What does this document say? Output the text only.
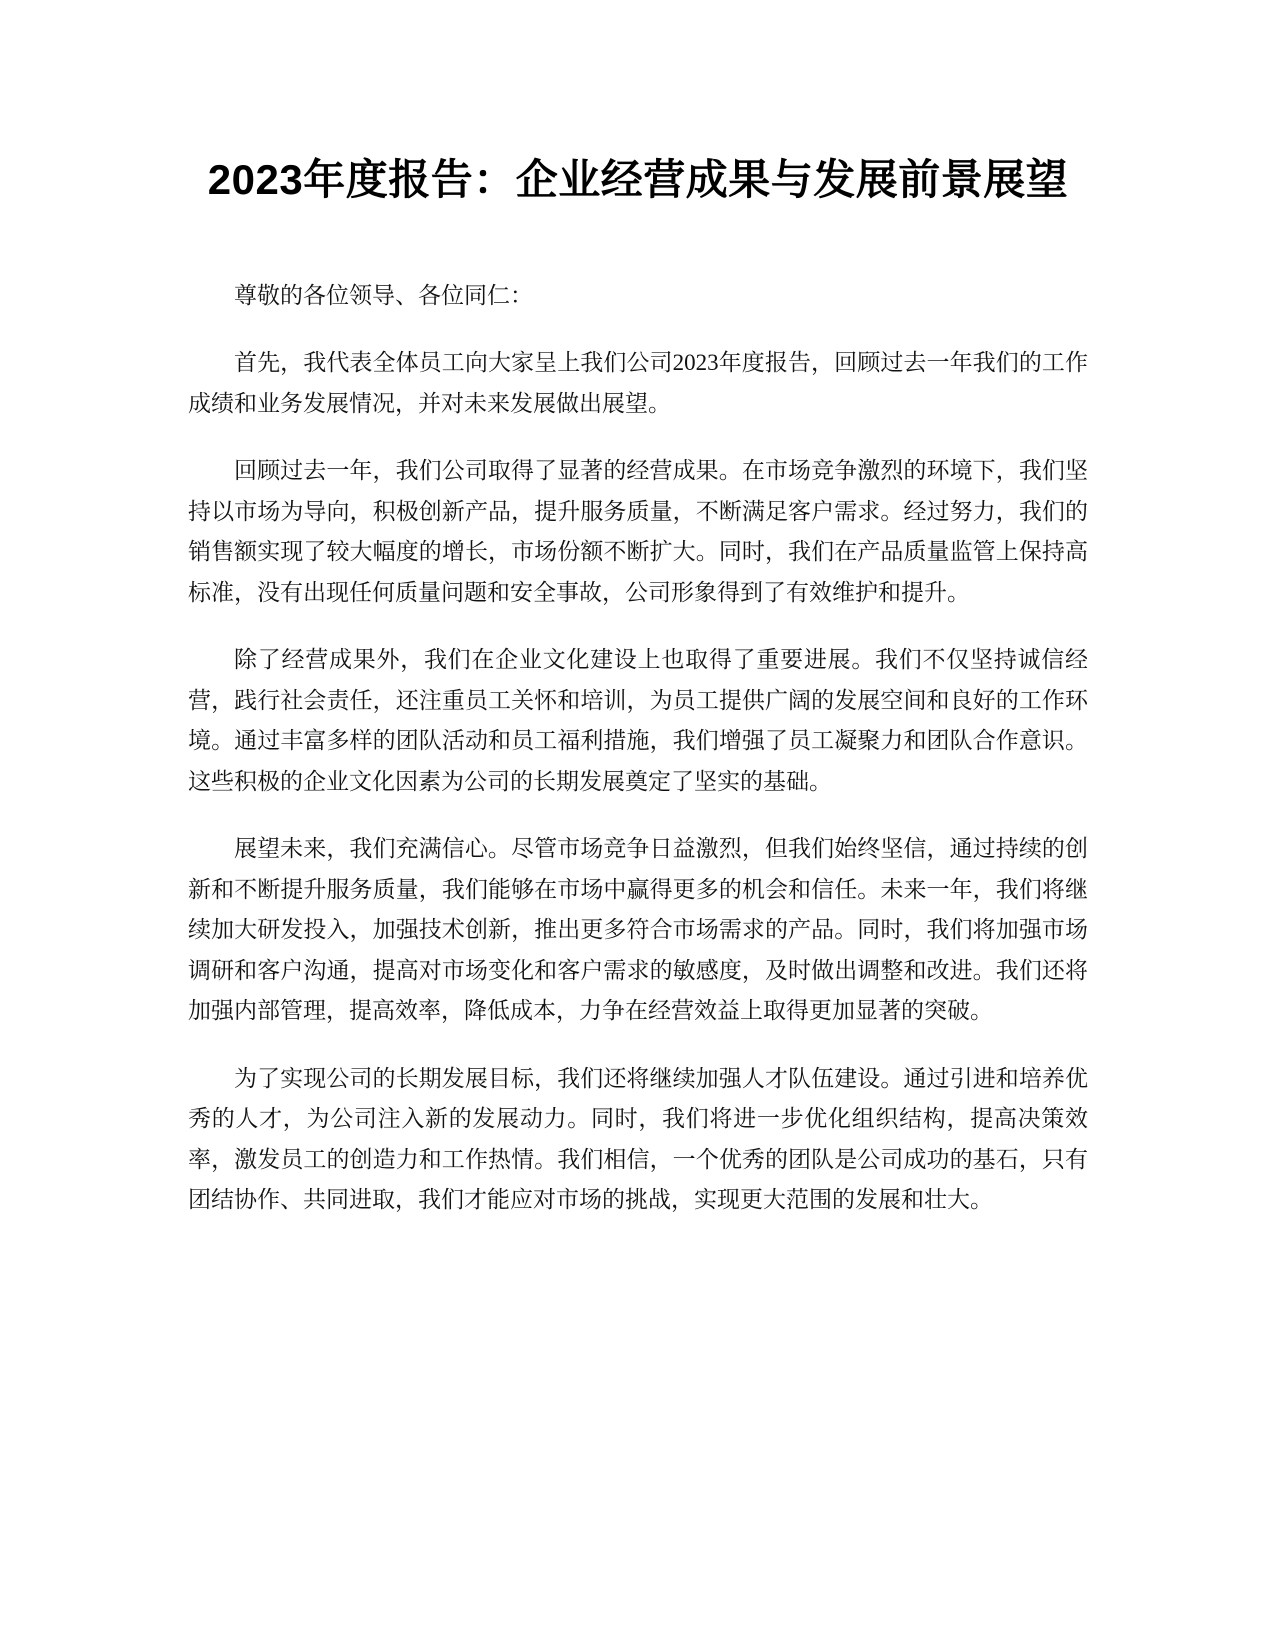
2023年度报告：企业经营成果与发展前景展望

尊敬的各位领导、各位同仁：

首先，我代表全体员工向大家呈上我们公司2023年度报告，回顾过去一年我们的工作成绩和业务发展情况，并对未来发展做出展望。

回顾过去一年，我们公司取得了显著的经营成果。在市场竞争激烈的环境下，我们坚持以市场为导向，积极创新产品，提升服务质量，不断满足客户需求。经过努力，我们的销售额实现了较大幅度的增长，市场份额不断扩大。同时，我们在产品质量监管上保持高标准，没有出现任何质量问题和安全事故，公司形象得到了有效维护和提升。

除了经营成果外，我们在企业文化建设上也取得了重要进展。我们不仅坚持诚信经营，践行社会责任，还注重员工关怀和培训，为员工提供广阔的发展空间和良好的工作环境。通过丰富多样的团队活动和员工福利措施，我们增强了员工凝聚力和团队合作意识。这些积极的企业文化因素为公司的长期发展奠定了坚实的基础。

展望未来，我们充满信心。尽管市场竞争日益激烈，但我们始终坚信，通过持续的创新和不断提升服务质量，我们能够在市场中赢得更多的机会和信任。未来一年，我们将继续加大研发投入，加强技术创新，推出更多符合市场需求的产品。同时，我们将加强市场调研和客户沟通，提高对市场变化和客户需求的敏感度，及时做出调整和改进。我们还将加强内部管理，提高效率，降低成本，力争在经营效益上取得更加显著的突破。

为了实现公司的长期发展目标，我们还将继续加强人才队伍建设。通过引进和培养优秀的人才，为公司注入新的发展动力。同时，我们将进一步优化组织结构，提高决策效率，激发员工的创造力和工作热情。我们相信，一个优秀的团队是公司成功的基石，只有团结协作、共同进取，我们才能应对市场的挑战，实现更大范围的发展和壮大。
